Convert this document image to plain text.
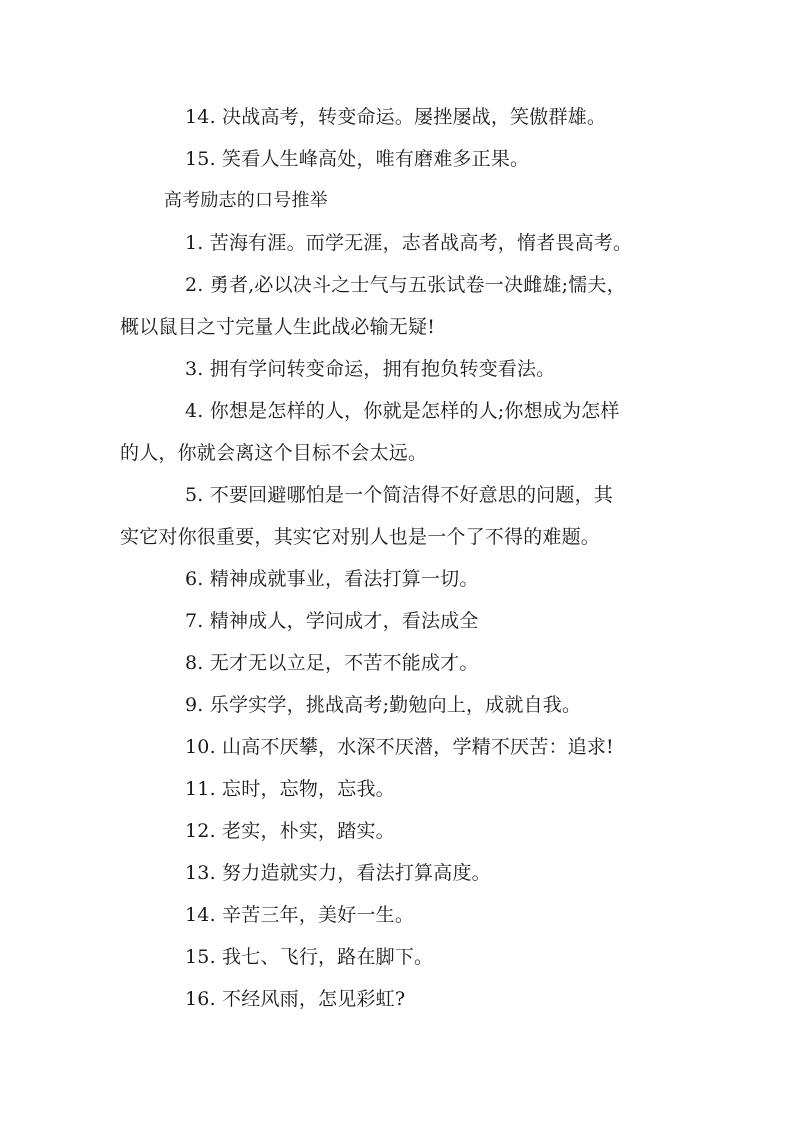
14. 决战高考，转变命运。屡挫屡战，笑傲群雄。
15. 笑看人生峰高处，唯有磨难多正果。
高考励志的口号推举
1. 苦海有涯。而学无涯，志者战高考，惰者畏高考。
2. 勇者,必以决斗之士气与五张试卷一决雌雄;懦夫，
概以鼠目之寸完量人生此战必输无疑!
3. 拥有学问转变命运，拥有抱负转变看法。
4. 你想是怎样的人，你就是怎样的人;你想成为怎样
的人，你就会离这个目标不会太远。
5. 不要回避哪怕是一个简洁得不好意思的问题，其
实它对你很重要，其实它对别人也是一个了不得的难题。
6. 精神成就事业，看法打算一切。
7. 精神成人，学问成才，看法成全
8. 无才无以立足，不苦不能成才。
9. 乐学实学，挑战高考;勤勉向上，成就自我。
10. 山高不厌攀，水深不厌潜，学精不厌苦：追求!
11. 忘时，忘物，忘我。
12. 老实，朴实，踏实。
13. 努力造就实力，看法打算高度。
14. 辛苦三年，美好一生。
15. 我七、飞行，路在脚下。
16. 不经风雨，怎见彩虹?
